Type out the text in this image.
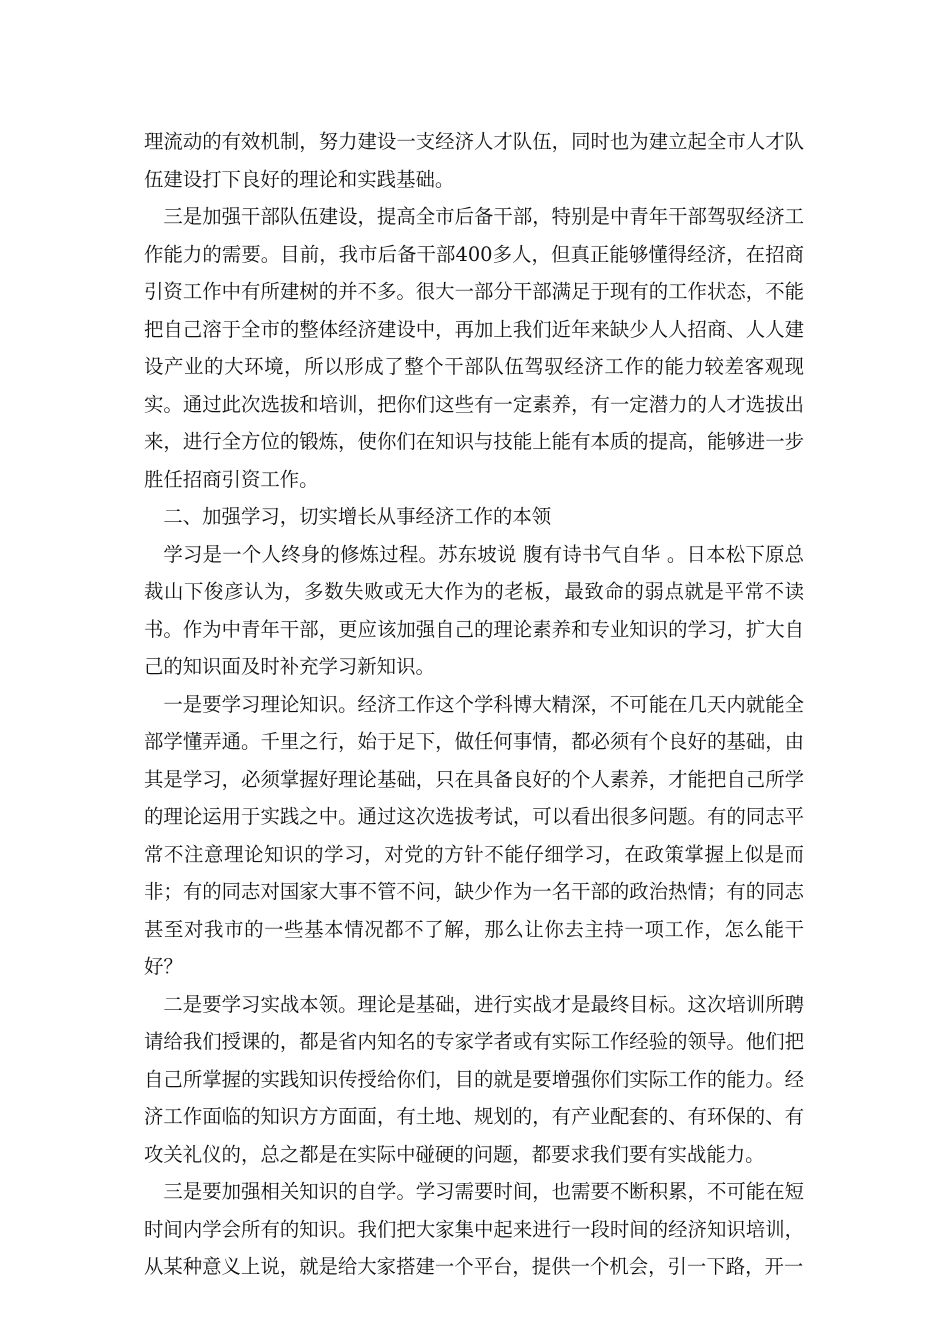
理流动的有效机制，努力建设一支经济人才队伍，同时也为建立起全市人才队伍建设打下良好的理论和实践基础。

三是加强干部队伍建设，提高全市后备干部，特别是中青年干部驾驭经济工作能力的需要。目前，我市后备干部400多人，但真正能够懂得经济，在招商引资工作中有所建树的并不多。很大一部分干部满足于现有的工作状态，不能把自己溶于全市的整体经济建设中，再加上我们近年来缺少人人招商、人人建设产业的大环境，所以形成了整个干部队伍驾驭经济工作的能力较差客观现实。通过此次选拔和培训，把你们这些有一定素养，有一定潜力的人才选拔出来，进行全方位的锻炼，使你们在知识与技能上能有本质的提高，能够进一步胜任招商引资工作。

二、加强学习，切实增长从事经济工作的本领

学习是一个人终身的修炼过程。苏东坡说 腹有诗书气自华 。日本松下原总裁山下俊彦认为，多数失败或无大作为的老板，最致命的弱点就是平常不读书。作为中青年干部，更应该加强自己的理论素养和专业知识的学习，扩大自己的知识面及时补充学习新知识。

一是要学习理论知识。经济工作这个学科博大精深，不可能在几天内就能全部学懂弄通。千里之行，始于足下，做任何事情，都必须有个良好的基础，由其是学习，必须掌握好理论基础，只在具备良好的个人素养，才能把自己所学的理论运用于实践之中。通过这次选拔考试，可以看出很多问题。有的同志平常不注意理论知识的学习，对党的方针不能仔细学习，在政策掌握上似是而非；有的同志对国家大事不管不问，缺少作为一名干部的政治热情；有的同志甚至对我市的一些基本情况都不了解，那么让你去主持一项工作，怎么能干好？

二是要学习实战本领。理论是基础，进行实战才是最终目标。这次培训所聘请给我们授课的，都是省内知名的专家学者或有实际工作经验的领导。他们把自己所掌握的实践知识传授给你们，目的就是要增强你们实际工作的能力。经济工作面临的知识方方面面，有土地、规划的，有产业配套的、有环保的、有攻关礼仪的，总之都是在实际中碰硬的问题，都要求我们要有实战能力。

三是要加强相关知识的自学。学习需要时间，也需要不断积累，不可能在短时间内学会所有的知识。我们把大家集中起来进行一段时间的经济知识培训，从某种意义上说，就是给大家搭建一个平台，提供一个机会，引一下路，开一
